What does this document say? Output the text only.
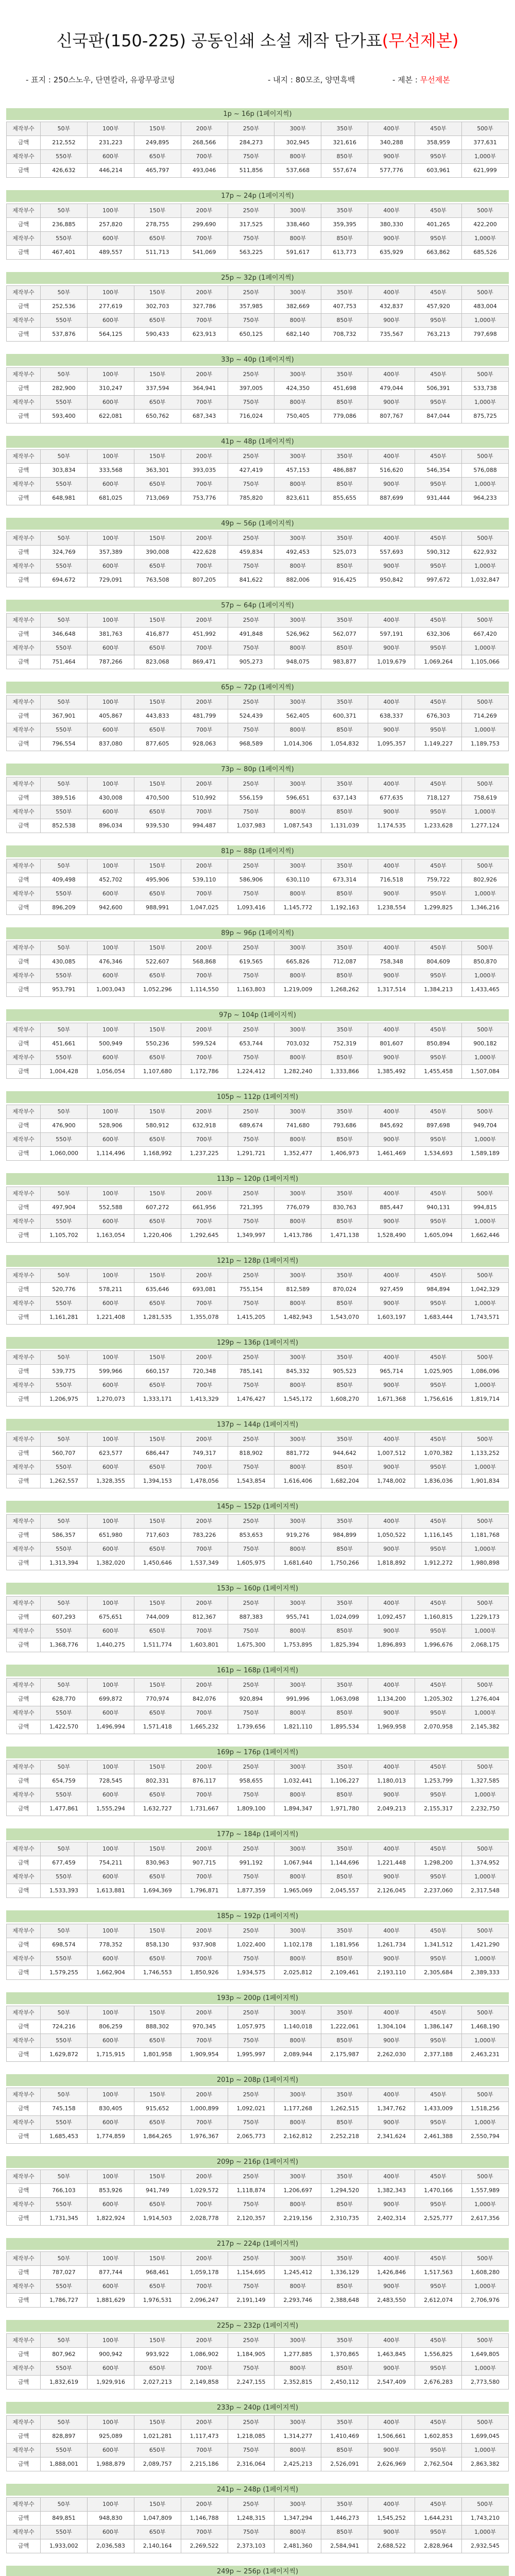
신국판(150-225) 공동인쇄 소설 제작 단가표(무선제본)
- 표지 : 250스노우, 단면칼라, 유광무광코팅	- 내지 : 80모조, 양면흑백	- 제본 : 무선제본
1p ~ 16p (1페이지씩)
제작부수	50부	100부	150부	200부	250부	300부	350부	400부	450부	500부
금액	212,552	231,223	249,895	268,566	284,273	302,945	321,616	340,288	358,959	377,631
제작부수	550부	600부	650부	700부	750부	800부	850부	900부	950부	1,000부
금액	426,632	446,214	465,797	493,046	511,856	537,668	557,674	577,776	603,961	621,999
17p ~ 24p (1페이지씩)
제작부수	50부	100부	150부	200부	250부	300부	350부	400부	450부	500부
금액	236,885	257,820	278,755	299,690	317,525	338,460	359,395	380,330	401,265	422,200
제작부수	550부	600부	650부	700부	750부	800부	850부	900부	950부	1,000부
금액	467,401	489,557	511,713	541,069	563,225	591,617	613,773	635,929	663,862	685,526
25p ~ 32p (1페이지씩)
제작부수	50부	100부	150부	200부	250부	300부	350부	400부	450부	500부
금액	252,536	277,619	302,703	327,786	357,985	382,669	407,753	432,837	457,920	483,004
제작부수	550부	600부	650부	700부	750부	800부	850부	900부	950부	1,000부
금액	537,876	564,125	590,433	623,913	650,125	682,140	708,732	735,567	763,213	797,698
33p ~ 40p (1페이지씩)
제작부수	50부	100부	150부	200부	250부	300부	350부	400부	450부	500부
금액	282,900	310,247	337,594	364,941	397,005	424,350	451,698	479,044	506,391	533,738
제작부수	550부	600부	650부	700부	750부	800부	850부	900부	950부	1,000부
금액	593,400	622,081	650,762	687,343	716,024	750,405	779,086	807,767	847,044	875,725
41p ~ 48p (1페이지씩)
제작부수	50부	100부	150부	200부	250부	300부	350부	400부	450부	500부
금액	303,834	333,568	363,301	393,035	427,419	457,153	486,887	516,620	546,354	576,088
제작부수	550부	600부	650부	700부	750부	800부	850부	900부	950부	1,000부
금액	648,981	681,025	713,069	753,776	785,820	823,611	855,655	887,699	931,444	964,233
49p ~ 56p (1페이지씩)
제작부수	50부	100부	150부	200부	250부	300부	350부	400부	450부	500부
금액	324,769	357,389	390,008	422,628	459,834	492,453	525,073	557,693	590,312	622,932
제작부수	550부	600부	650부	700부	750부	800부	850부	900부	950부	1,000부
금액	694,672	729,091	763,508	807,205	841,622	882,006	916,425	950,842	997,672	1,032,847
57p ~ 64p (1페이지씩)
제작부수	50부	100부	150부	200부	250부	300부	350부	400부	450부	500부
금액	346,648	381,763	416,877	451,992	491,848	526,962	562,077	597,191	632,306	667,420
제작부수	550부	600부	650부	700부	750부	800부	850부	900부	950부	1,000부
금액	751,464	787,266	823,068	869,471	905,273	948,075	983,877	1,019,679	1,069,264	1,105,066
65p ~ 72p (1페이지씩)
제작부수	50부	100부	150부	200부	250부	300부	350부	400부	450부	500부
금액	367,901	405,867	443,833	481,799	524,439	562,405	600,371	638,337	676,303	714,269
제작부수	550부	600부	650부	700부	750부	800부	850부	900부	950부	1,000부
금액	796,554	837,080	877,605	928,063	968,589	1,014,306	1,054,832	1,095,357	1,149,227	1,189,753
73p ~ 80p (1페이지씩)
제작부수	50부	100부	150부	200부	250부	300부	350부	400부	450부	500부
금액	389,516	430,008	470,500	510,992	556,159	596,651	637,143	677,635	718,127	758,619
제작부수	550부	600부	650부	700부	750부	800부	850부	900부	950부	1,000부
금액	852,538	896,034	939,530	994,487	1,037,983	1,087,543	1,131,039	1,174,535	1,233,628	1,277,124
81p ~ 88p (1페이지씩)
제작부수	50부	100부	150부	200부	250부	300부	350부	400부	450부	500부
금액	409,498	452,702	495,906	539,110	586,906	630,110	673,314	716,518	759,722	802,926
제작부수	550부	600부	650부	700부	750부	800부	850부	900부	950부	1,000부
금액	896,209	942,600	988,991	1,047,025	1,093,416	1,145,772	1,192,163	1,238,554	1,299,825	1,346,216
89p ~ 96p (1페이지씩)
제작부수	50부	100부	150부	200부	250부	300부	350부	400부	450부	500부
금액	430,085	476,346	522,607	568,868	619,565	665,826	712,087	758,348	804,609	850,870
제작부수	550부	600부	650부	700부	750부	800부	850부	900부	950부	1,000부
금액	953,791	1,003,043	1,052,296	1,114,550	1,163,803	1,219,009	1,268,262	1,317,514	1,384,213	1,433,465
97p ~ 104p (1페이지씩)
제작부수	50부	100부	150부	200부	250부	300부	350부	400부	450부	500부
금액	451,661	500,949	550,236	599,524	653,744	703,032	752,319	801,607	850,894	900,182
제작부수	550부	600부	650부	700부	750부	800부	850부	900부	950부	1,000부
금액	1,004,428	1,056,054	1,107,680	1,172,786	1,224,412	1,282,240	1,333,866	1,385,492	1,455,458	1,507,084
105p ~ 112p (1페이지씩)
제작부수	50부	100부	150부	200부	250부	300부	350부	400부	450부	500부
금액	476,900	528,906	580,912	632,918	689,674	741,680	793,686	845,692	897,698	949,704
제작부수	550부	600부	650부	700부	750부	800부	850부	900부	950부	1,000부
금액	1,060,000	1,114,496	1,168,992	1,237,225	1,291,721	1,352,477	1,406,973	1,461,469	1,534,693	1,589,189
113p ~ 120p (1페이지씩)
제작부수	50부	100부	150부	200부	250부	300부	350부	400부	450부	500부
금액	497,904	552,588	607,272	661,956	721,395	776,079	830,763	885,447	940,131	994,815
제작부수	550부	600부	650부	700부	750부	800부	850부	900부	950부	1,000부
금액	1,105,702	1,163,054	1,220,406	1,292,645	1,349,997	1,413,786	1,471,138	1,528,490	1,605,094	1,662,446
121p ~ 128p (1페이지씩)
제작부수	50부	100부	150부	200부	250부	300부	350부	400부	450부	500부
금액	520,776	578,211	635,646	693,081	755,154	812,589	870,024	927,459	984,894	1,042,329
제작부수	550부	600부	650부	700부	750부	800부	850부	900부	950부	1,000부
금액	1,161,281	1,221,408	1,281,535	1,355,078	1,415,205	1,482,943	1,543,070	1,603,197	1,683,444	1,743,571
129p ~ 136p (1페이지씩)
제작부수	50부	100부	150부	200부	250부	300부	350부	400부	450부	500부
금액	539,775	599,966	660,157	720,348	785,141	845,332	905,523	965,714	1,025,905	1,086,096
제작부수	550부	600부	650부	700부	750부	800부	850부	900부	950부	1,000부
금액	1,206,975	1,270,073	1,333,171	1,413,329	1,476,427	1,545,172	1,608,270	1,671,368	1,756,616	1,819,714
137p ~ 144p (1페이지씩)
제작부수	50부	100부	150부	200부	250부	300부	350부	400부	450부	500부
금액	560,707	623,577	686,447	749,317	818,902	881,772	944,642	1,007,512	1,070,382	1,133,252
제작부수	550부	600부	650부	700부	750부	800부	850부	900부	950부	1,000부
금액	1,262,557	1,328,355	1,394,153	1,478,056	1,543,854	1,616,406	1,682,204	1,748,002	1,836,036	1,901,834
145p ~ 152p (1페이지씩)
제작부수	50부	100부	150부	200부	250부	300부	350부	400부	450부	500부
금액	586,357	651,980	717,603	783,226	853,653	919,276	984,899	1,050,522	1,116,145	1,181,768
제작부수	550부	600부	650부	700부	750부	800부	850부	900부	950부	1,000부
금액	1,313,394	1,382,020	1,450,646	1,537,349	1,605,975	1,681,640	1,750,266	1,818,892	1,912,272	1,980,898
153p ~ 160p (1페이지씩)
제작부수	50부	100부	150부	200부	250부	300부	350부	400부	450부	500부
금액	607,293	675,651	744,009	812,367	887,383	955,741	1,024,099	1,092,457	1,160,815	1,229,173
제작부수	550부	600부	650부	700부	750부	800부	850부	900부	950부	1,000부
금액	1,368,776	1,440,275	1,511,774	1,603,801	1,675,300	1,753,895	1,825,394	1,896,893	1,996,676	2,068,175
161p ~ 168p (1페이지씩)
제작부수	50부	100부	150부	200부	250부	300부	350부	400부	450부	500부
금액	628,770	699,872	770,974	842,076	920,894	991,996	1,063,098	1,134,200	1,205,302	1,276,404
제작부수	550부	600부	650부	700부	750부	800부	850부	900부	950부	1,000부
금액	1,422,570	1,496,994	1,571,418	1,665,232	1,739,656	1,821,110	1,895,534	1,969,958	2,070,958	2,145,382
169p ~ 176p (1페이지씩)
제작부수	50부	100부	150부	200부	250부	300부	350부	400부	450부	500부
금액	654,759	728,545	802,331	876,117	958,655	1,032,441	1,106,227	1,180,013	1,253,799	1,327,585
제작부수	550부	600부	650부	700부	750부	800부	850부	900부	950부	1,000부
금액	1,477,861	1,555,294	1,632,727	1,731,667	1,809,100	1,894,347	1,971,780	2,049,213	2,155,317	2,232,750
177p ~ 184p (1페이지씩)
제작부수	50부	100부	150부	200부	250부	300부	350부	400부	450부	500부
금액	677,459	754,211	830,963	907,715	991,192	1,067,944	1,144,696	1,221,448	1,298,200	1,374,952
제작부수	550부	600부	650부	700부	750부	800부	850부	900부	950부	1,000부
금액	1,533,393	1,613,881	1,694,369	1,796,871	1,877,359	1,965,069	2,045,557	2,126,045	2,237,060	2,317,548
185p ~ 192p (1페이지씩)
제작부수	50부	100부	150부	200부	250부	300부	350부	400부	450부	500부
금액	698,574	778,352	858,130	937,908	1,022,400	1,102,178	1,181,956	1,261,734	1,341,512	1,421,290
제작부수	550부	600부	650부	700부	750부	800부	850부	900부	950부	1,000부
금액	1,579,255	1,662,904	1,746,553	1,850,926	1,934,575	2,025,812	2,109,461	2,193,110	2,305,684	2,389,333
193p ~ 200p (1페이지씩)
제작부수	50부	100부	150부	200부	250부	300부	350부	400부	450부	500부
금액	724,216	806,259	888,302	970,345	1,057,975	1,140,018	1,222,061	1,304,104	1,386,147	1,468,190
제작부수	550부	600부	650부	700부	750부	800부	850부	900부	950부	1,000부
금액	1,629,872	1,715,915	1,801,958	1,909,954	1,995,997	2,089,944	2,175,987	2,262,030	2,377,188	2,463,231
201p ~ 208p (1페이지씩)
제작부수	50부	100부	150부	200부	250부	300부	350부	400부	450부	500부
금액	745,158	830,405	915,652	1,000,899	1,092,021	1,177,268	1,262,515	1,347,762	1,433,009	1,518,256
제작부수	550부	600부	650부	700부	750부	800부	850부	900부	950부	1,000부
금액	1,685,453	1,774,859	1,864,265	1,976,367	2,065,773	2,162,812	2,252,218	2,341,624	2,461,388	2,550,794
209p ~ 216p (1페이지씩)
제작부수	50부	100부	150부	200부	250부	300부	350부	400부	450부	500부
금액	766,103	853,926	941,749	1,029,572	1,118,874	1,206,697	1,294,520	1,382,343	1,470,166	1,557,989
제작부수	550부	600부	650부	700부	750부	800부	850부	900부	950부	1,000부
금액	1,731,345	1,822,924	1,914,503	2,028,778	2,120,357	2,219,156	2,310,735	2,402,314	2,525,777	2,617,356
217p ~ 224p (1페이지씩)
제작부수	50부	100부	150부	200부	250부	300부	350부	400부	450부	500부
금액	787,027	877,744	968,461	1,059,178	1,154,695	1,245,412	1,336,129	1,426,846	1,517,563	1,608,280
제작부수	550부	600부	650부	700부	750부	800부	850부	900부	950부	1,000부
금액	1,786,727	1,881,629	1,976,531	2,096,247	2,191,149	2,293,746	2,388,648	2,483,550	2,612,074	2,706,976
225p ~ 232p (1페이지씩)
제작부수	50부	100부	150부	200부	250부	300부	350부	400부	450부	500부
금액	807,962	900,942	993,922	1,086,902	1,184,905	1,277,885	1,370,865	1,463,845	1,556,825	1,649,805
제작부수	550부	600부	650부	700부	750부	800부	850부	900부	950부	1,000부
금액	1,832,619	1,929,916	2,027,213	2,149,858	2,247,155	2,352,815	2,450,112	2,547,409	2,676,283	2,773,580
233p ~ 240p (1페이지씩)
제작부수	50부	100부	150부	200부	250부	300부	350부	400부	450부	500부
금액	828,897	925,089	1,021,281	1,117,473	1,218,085	1,314,277	1,410,469	1,506,661	1,602,853	1,699,045
제작부수	550부	600부	650부	700부	750부	800부	850부	900부	950부	1,000부
금액	1,888,001	1,988,879	2,089,757	2,215,186	2,316,064	2,425,213	2,526,091	2,626,969	2,762,504	2,863,382
241p ~ 248p (1페이지씩)
제작부수	50부	100부	150부	200부	250부	300부	350부	400부	450부	500부
금액	849,851	948,830	1,047,809	1,146,788	1,248,315	1,347,294	1,446,273	1,545,252	1,644,231	1,743,210
제작부수	550부	600부	650부	700부	750부	800부	850부	900부	950부	1,000부
금액	1,933,002	2,036,583	2,140,164	2,269,522	2,373,103	2,481,360	2,584,941	2,688,522	2,828,964	2,932,545
249p ~ 256p (1페이지씩)
